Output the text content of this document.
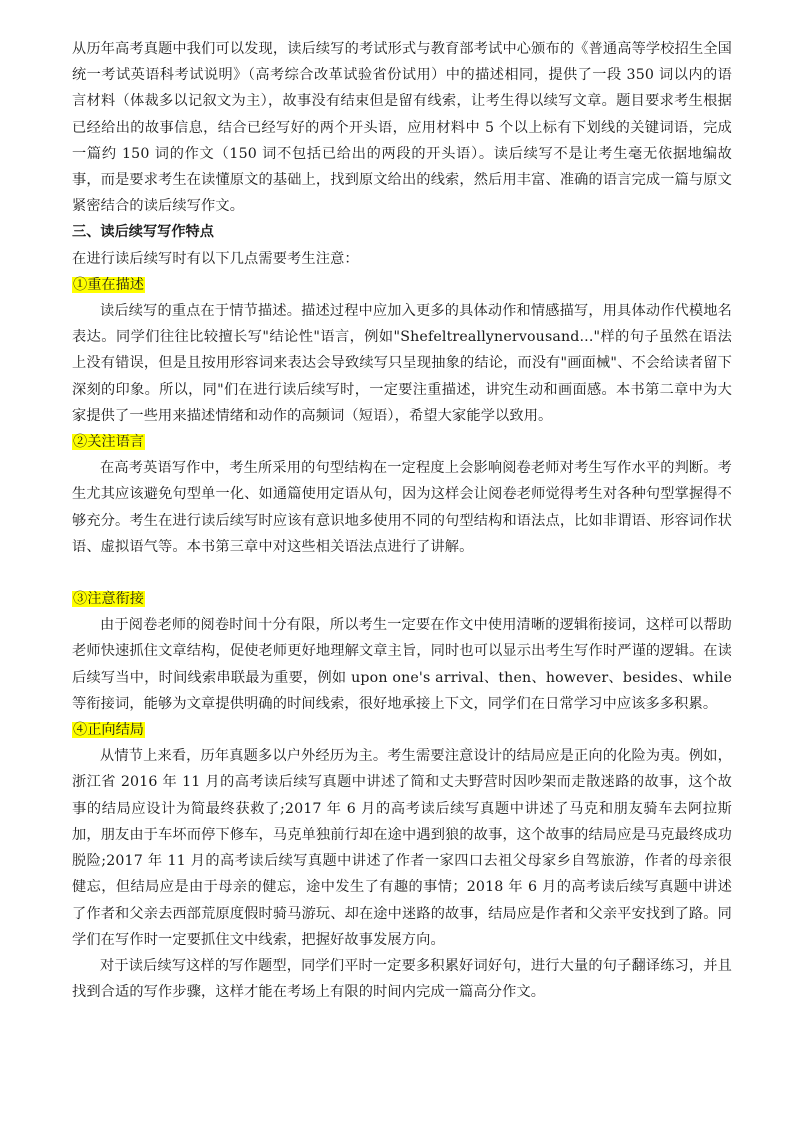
从历年高考真题中我们可以发现，读后续写的考试形式与教育部考试中心颁布的《普通高等学校招生全国统一考试英语科考试说明》（高考综合改革试验省份试用）中的描述相同，提供了一段 350 词以内的语言材料（体裁多以记叙文为主），故事没有结束但是留有线索，让考生得以续写文章。题目要求考生根据已经给出的故事信息，结合已经写好的两个开头语，应用材料中 5 个以上标有下划线的关键词语，完成一篇约 150 词的作文（150 词不包括已给出的两段的开头语）。读后续写不是让考生毫无依据地编故事，而是要求考生在读懂原文的基础上，找到原文给出的线索，然后用丰富、准确的语言完成一篇与原文紧密结合的读后续写作文。

三、读后续写写作特点

在进行读后续写时有以下几点需要考生注意：

①重在描述

读后续写的重点在于情节描述。描述过程中应加入更多的具体动作和情感描写，用具体动作代模地名表达。同学们往往比较擅长写"结论性"语言，例如"Shefeltreallynervousand..."样的句子虽然在语法上没有错误，但是且按用形容词来表达会导致续写只呈现抽象的结论，而没有"画面械"、不会给读者留下深刻的印象。所以，同"们在进行读后续写时，一定要注重描述，讲究生动和画面感。本书第二章中为大家提供了一些用来描述情绪和动作的高频词（短语），希望大家能学以致用。

②关注语言

在高考英语写作中，考生所采用的句型结构在一定程度上会影响阅卷老师对考生写作水平的判断。考生尤其应该避免句型单一化、如通篇使用定语从句，因为这样会让阅卷老师觉得考生对各种句型掌握得不够充分。考生在进行读后续写时应该有意识地多使用不同的句型结构和语法点，比如非谓语、形容词作状语、虚拟语气等。本书第三章中对这些相关语法点进行了讲解。

③注意衔接

由于阅卷老师的阅卷时间十分有限，所以考生一定要在作文中使用清晰的逻辑衔接词，这样可以帮助老师快速抓住文章结构，促使老师更好地理解文章主旨，同时也可以显示出考生写作时严谨的逻辑。在读后续写当中，时间线索串联最为重要，例如 upon one's arrival、then、however、besides、while 等衔接词，能够为文章提供明确的时间线索，很好地承接上下文，同学们在日常学习中应该多多积累。

④正向结局

从情节上来看，历年真题多以户外经历为主。考生需要注意设计的结局应是正向的化险为夷。例如，浙江省 2016 年 11 月的高考读后续写真题中讲述了简和丈夫野营时因吵架而走散迷路的故事，这个故事的结局应设计为简最终获救了;2017 年 6 月的高考读后续写真题中讲述了马克和朋友骑车去阿拉斯加，朋友由于车坏而停下修车，马克单独前行却在途中遇到狼的故事，这个故事的结局应是马克最终成功脱险;2017 年 11 月的高考读后续写真题中讲述了作者一家四口去祖父母家乡自驾旅游，作者的母亲很健忘，但结局应是由于母亲的健忘，途中发生了有趣的事情；2018 年 6 月的高考读后续写真题中讲述了作者和父亲去西部荒原度假时骑马游玩、却在途中迷路的故事，结局应是作者和父亲平安找到了路。同学们在写作时一定要抓住文中线索，把握好故事发展方向。

对于读后续写这样的写作题型，同学们平时一定要多积累好词好句，进行大量的句子翻译练习，并且找到合适的写作步骤，这样才能在考场上有限的时间内完成一篇高分作文。
